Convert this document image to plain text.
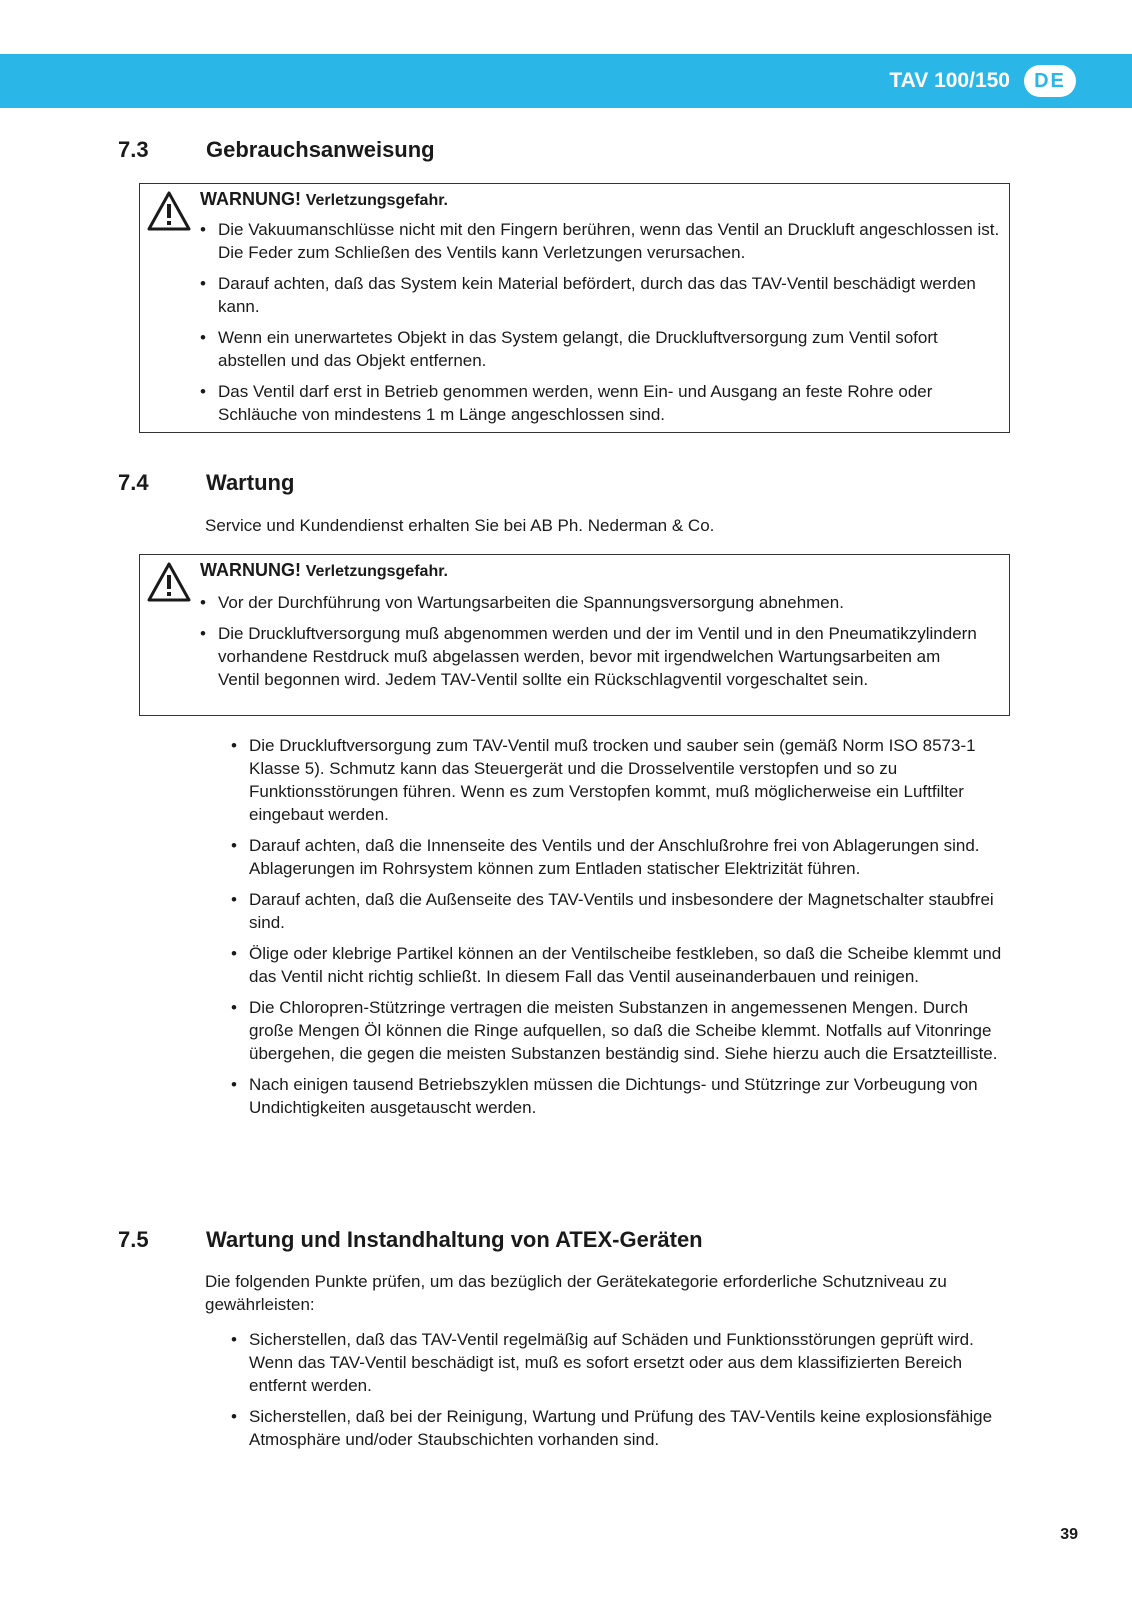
TAV 100/150	DE
7.3	Gebrauchsanweisung
WARNUNG! Verletzungsgefahr.
• Die Vakuumanschlüsse nicht mit den Fingern berühren, wenn das Ventil an Druckluft angeschlossen ist. Die Feder zum Schließen des Ventils kann Verletzungen verursachen.
• Darauf achten, daß das System kein Material befördert, durch das das TAV-Ventil beschädigt werden kann.
• Wenn ein unerwartetes Objekt in das System gelangt, die Druckluftversorgung zum Ventil sofort abstellen und das Objekt entfernen.
• Das Ventil darf erst in Betrieb genommen werden, wenn Ein- und Ausgang an feste Rohre oder Schläuche von mindestens 1 m Länge angeschlossen sind.
7.4	Wartung
Service und Kundendienst erhalten Sie bei AB Ph. Nederman & Co.
WARNUNG! Verletzungsgefahr.
• Vor der Durchführung von Wartungsarbeiten die Spannungsversorgung abnehmen.
• Die Druckluftversorgung muß abgenommen werden und der im Ventil und in den Pneumatikzylindern vorhandene Restdruck muß abgelassen werden, bevor mit irgendwelchen Wartungsarbeiten am Ventil begonnen wird. Jedem TAV-Ventil sollte ein Rückschlagventil vorgeschaltet sein.
• Die Druckluftversorgung zum TAV-Ventil muß trocken und sauber sein (gemäß Norm ISO 8573-1 Klasse 5). Schmutz kann das Steuergerät und die Drosselventile verstopfen und so zu Funktionsstörungen führen. Wenn es zum Verstopfen kommt, muß möglicherweise ein Luftfilter eingebaut werden.
• Darauf achten, daß die Innenseite des Ventils und der Anschlußrohre frei von Ablagerungen sind. Ablagerungen im Rohrsystem können zum Entladen statischer Elektrizität führen.
• Darauf achten, daß die Außenseite des TAV-Ventils und insbesondere der Magnetschalter staubfrei sind.
• Ölige oder klebrige Partikel können an der Ventilscheibe festkleben, so daß die Scheibe klemmt und das Ventil nicht richtig schließt. In diesem Fall das Ventil auseinanderbauen und reinigen.
• Die Chloropren-Stützringe vertragen die meisten Substanzen in angemessenen Mengen. Durch große Mengen Öl können die Ringe aufquellen, so daß die Scheibe klemmt. Notfalls auf Vitonringe übergehen, die gegen die meisten Substanzen beständig sind. Siehe hierzu auch die Ersatzteilliste.
• Nach einigen tausend Betriebszyklen müssen die Dichtungs- und Stützringe zur Vorbeugung von Undichtigkeiten ausgetauscht werden.
7.5	Wartung und Instandhaltung von ATEX-Geräten
Die folgenden Punkte prüfen, um das bezüglich der Gerätekategorie erforderliche Schutzniveau zu gewährleisten:
• Sicherstellen, daß das TAV-Ventil regelmäßig auf Schäden und Funktionsstörungen geprüft wird. Wenn das TAV-Ventil beschädigt ist, muß es sofort ersetzt oder aus dem klassifizierten Bereich entfernt werden.
• Sicherstellen, daß bei der Reinigung, Wartung und Prüfung des TAV-Ventils keine explosionsfähige Atmosphäre und/oder Staubschichten vorhanden sind.
39
